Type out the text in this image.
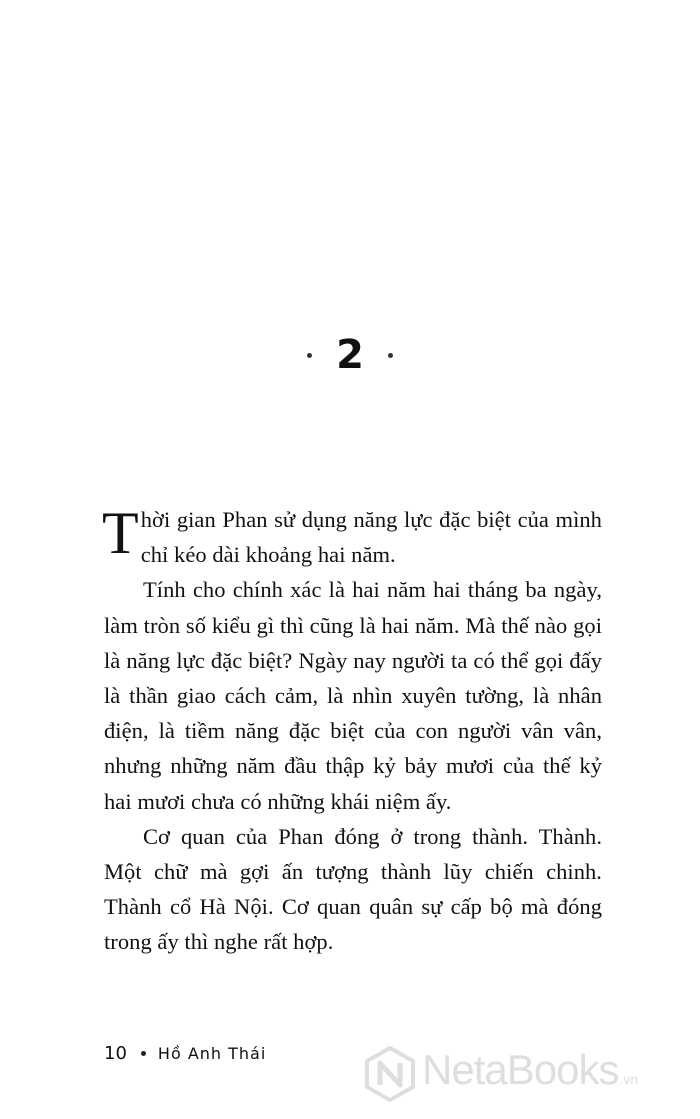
2

Thời gian Phan sử dụng năng lực đặc biệt của mình chỉ kéo dài khoảng hai năm.

Tính cho chính xác là hai năm hai tháng ba ngày, làm tròn số kiểu gì thì cũng là hai năm. Mà thế nào gọi là năng lực đặc biệt? Ngày nay người ta có thể gọi đấy là thần giao cách cảm, là nhìn xuyên tường, là nhân điện, là tiềm năng đặc biệt của con người vân vân, nhưng những năm đầu thập kỷ bảy mươi của thế kỷ hai mươi chưa có những khái niệm ấy.

Cơ quan của Phan đóng ở trong thành. Thành. Một chữ mà gợi ấn tượng thành lũy chiến chinh. Thành cổ Hà Nội. Cơ quan quân sự cấp bộ mà đóng trong ấy thì nghe rất hợp.

10 Hồ Anh Thái	NetaBooks.vn
